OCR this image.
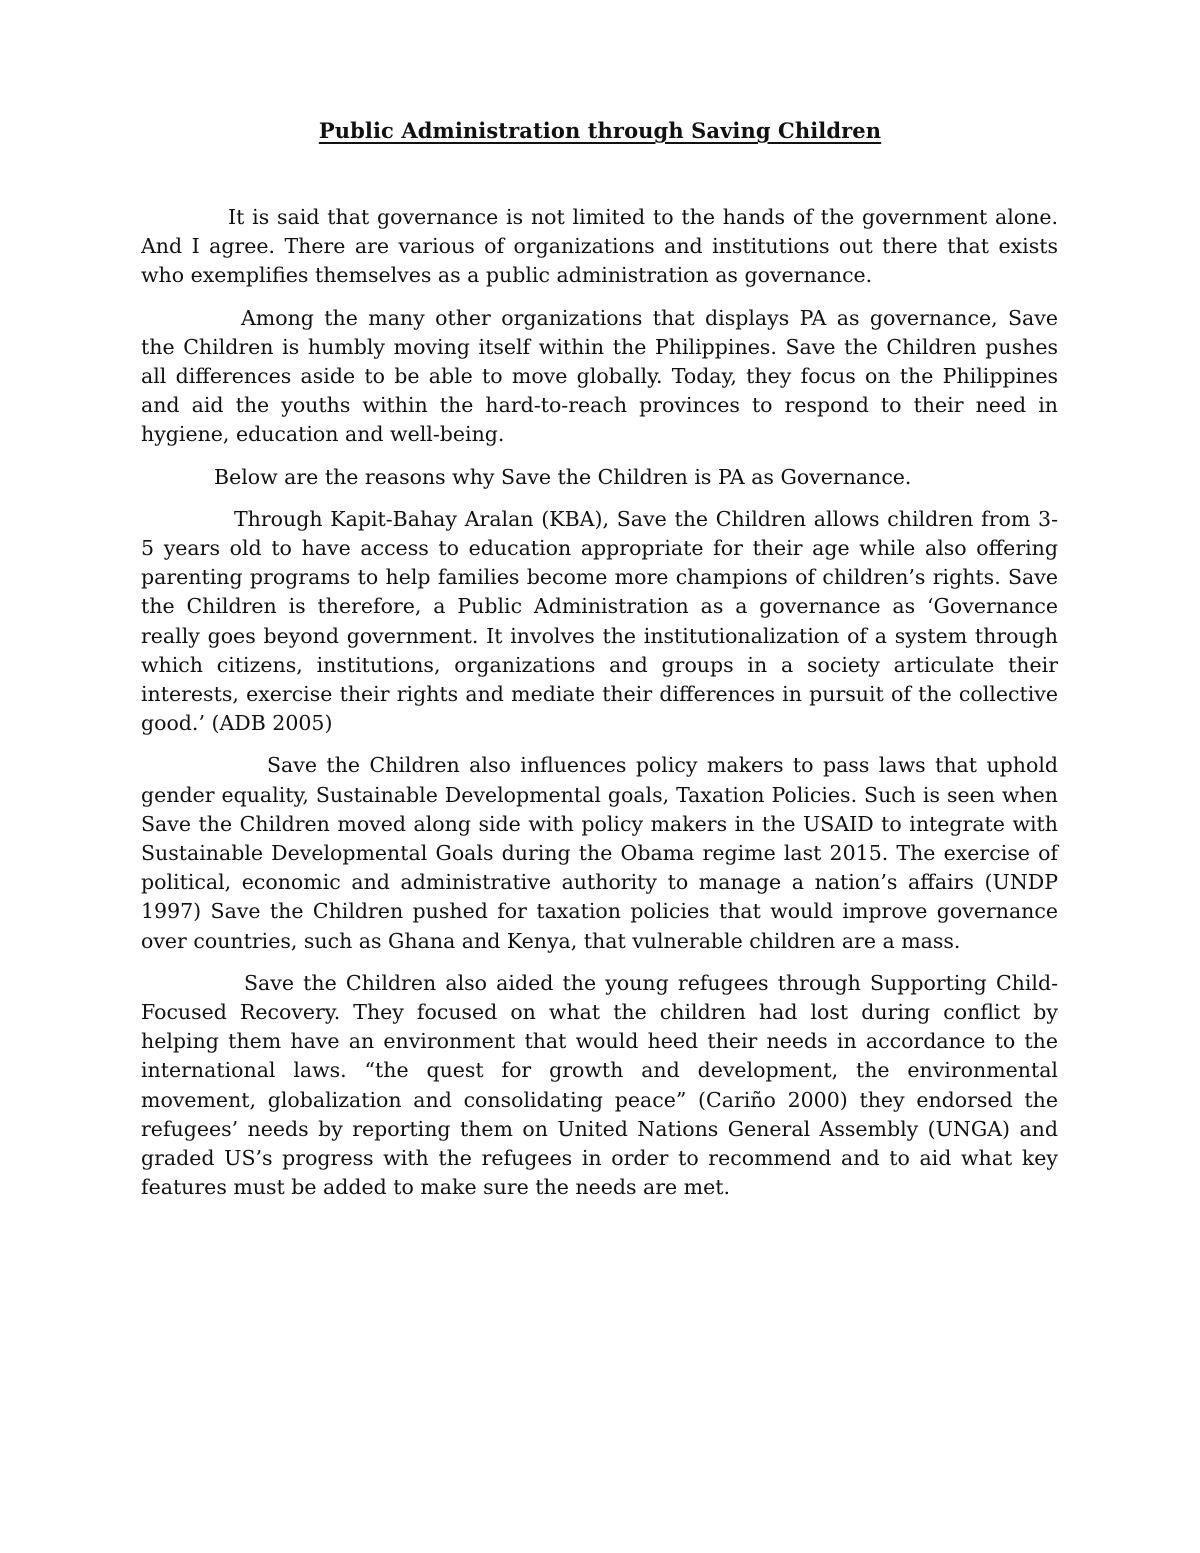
Public Administration through Saving Children

It is said that governance is not limited to the hands of the government alone. And I agree. There are various of organizations and institutions out there that exists who exemplifies themselves as a public administration as governance.

Among the many other organizations that displays PA as governance, Save the Children is humbly moving itself within the Philippines. Save the Children pushes all differences aside to be able to move globally. Today, they focus on the Philippines and aid the youths within the hard-to-reach provinces to respond to their need in hygiene, education and well-being.

Below are the reasons why Save the Children is PA as Governance.

Through Kapit-Bahay Aralan (KBA), Save the Children allows children from 3-5 years old to have access to education appropriate for their age while also offering parenting programs to help families become more champions of children’s rights. Save the Children is therefore, a Public Administration as a governance as ‘Governance really goes beyond government. It involves the institutionalization of a system through which citizens, institutions, organizations and groups in a society articulate their interests, exercise their rights and mediate their differences in pursuit of the collective good.’ (ADB 2005)

Save the Children also influences policy makers to pass laws that uphold gender equality, Sustainable Developmental goals, Taxation Policies. Such is seen when Save the Children moved along side with policy makers in the USAID to integrate with Sustainable Developmental Goals during the Obama regime last 2015. The exercise of political, economic and administrative authority to manage a nation’s affairs (UNDP 1997) Save the Children pushed for taxation policies that would improve governance over countries, such as Ghana and Kenya, that vulnerable children are a mass.

Save the Children also aided the young refugees through Supporting Child-Focused Recovery. They focused on what the children had lost during conflict by helping them have an environment that would heed their needs in accordance to the international laws. “the quest for growth and development, the environmental movement, globalization and consolidating peace” (Cariño 2000) they endorsed the refugees’ needs by reporting them on United Nations General Assembly (UNGA) and graded US’s progress with the refugees in order to recommend and to aid what key features must be added to make sure the needs are met.
